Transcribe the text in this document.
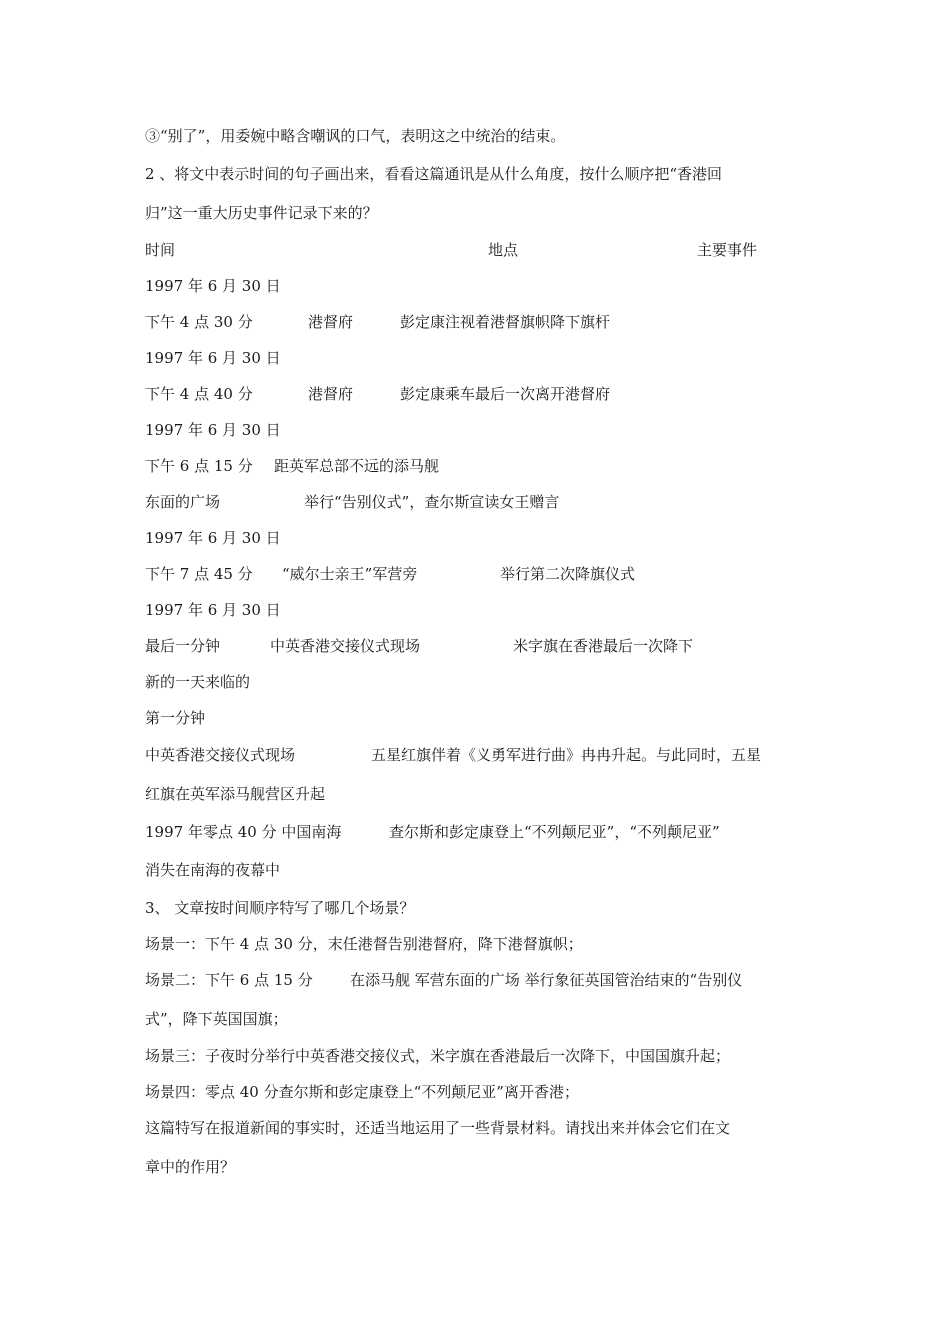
③“别了”，用委婉中略含嘲讽的口气，表明这之中统治的结束。
2 、将文中表示时间的句子画出来，看看这篇通讯是从什么角度，按什么顺序把“香港回
归”这一重大历史事件记录下来的？
时间	地点	主要事件
1997 年 6 月 30 日
下午 4 点 30 分	港督府	彭定康注视着港督旗帜降下旗杆
1997 年 6 月 30 日
下午 4 点 40 分	港督府	彭定康乘车最后一次离开港督府
1997 年 6 月 30 日
下午 6 点 15 分 距英军总部不远的添马舰
东面的广场	举行“告别仪式”，查尔斯宣读女王赠言
1997 年 6 月 30 日
下午 7 点 45 分 “威尔士亲王”军营旁	举行第二次降旗仪式
1997 年 6 月 30 日
最后一分钟	中英香港交接仪式现场	米字旗在香港最后一次降下
新的一天来临的
第一分钟
中英香港交接仪式现场	五星红旗伴着《义勇军进行曲》冉冉升起。与此同时，五星
红旗在英军添马舰营区升起
1997 年零点 40 分 中国南海	查尔斯和彭定康登上“不列颠尼亚”，“不列颠尼亚”
消失在南海的夜幕中
3、 文章按时间顺序特写了哪几个场景？
场景一：下午 4 点 30 分，末任港督告别港督府，降下港督旗帜；
场景二：下午 6 点 15 分 在添马舰 军营东面的广场 举行象征英国管治结束的“告别仪
式”，降下英国国旗；
场景三：子夜时分举行中英香港交接仪式，米字旗在香港最后一次降下，中国国旗升起；
场景四：零点 40 分查尔斯和彭定康登上“不列颠尼亚”离开香港；
这篇特写在报道新闻的事实时，还适当地运用了一些背景材料。请找出来并体会它们在文
章中的作用？
